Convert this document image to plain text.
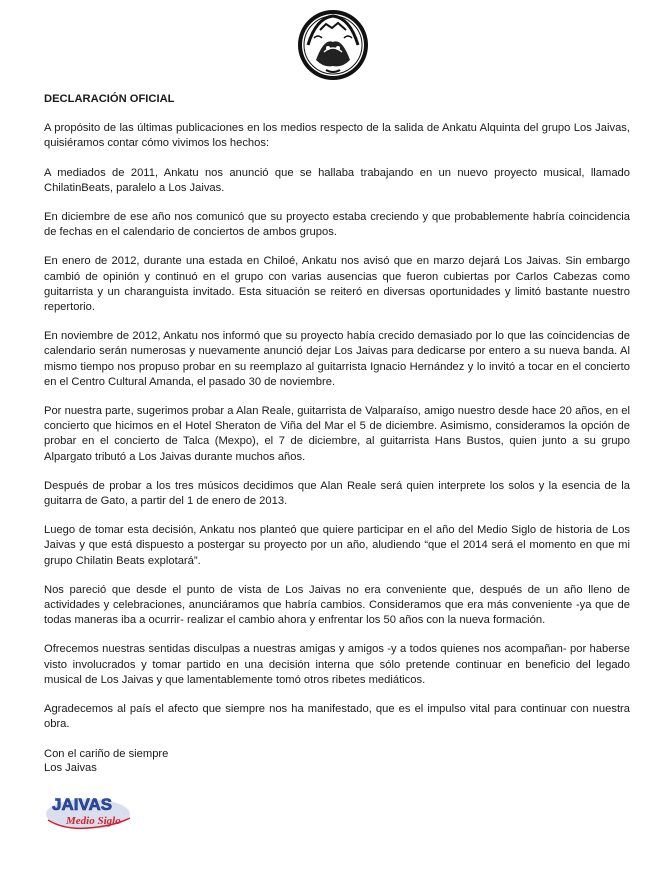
DECLARACIÓN OFICIAL

A propósito de las últimas publicaciones en los medios respecto de la salida de Ankatu Alquinta del grupo Los Jaivas, quisiéramos contar cómo vivimos los hechos:

A mediados de 2011, Ankatu nos anunció que se hallaba trabajando en un nuevo proyecto musical, llamado ChilatinBeats, paralelo a Los Jaivas.

En diciembre de ese año nos comunicó que su proyecto estaba creciendo y que probablemente habría coincidencia de fechas en el calendario de conciertos de ambos grupos.

En enero de 2012, durante una estada en Chiloé, Ankatu nos avisó que en marzo dejará Los Jaivas. Sin embargo cambió de opinión y continuó en el grupo con varias ausencias que fueron cubiertas por Carlos Cabezas como guitarrista y un charanguista invitado. Esta situación se reiteró en diversas oportunidades y limitó bastante nuestro repertorio.

En noviembre de 2012, Ankatu nos informó que su proyecto había crecido demasiado por lo que las coincidencias de calendario serán numerosas y nuevamente anunció dejar Los Jaivas para dedicarse por entero a su nueva banda. Al mismo tiempo nos propuso probar en su reemplazo al guitarrista Ignacio Hernández y lo invitó a tocar en el concierto en el Centro Cultural Amanda, el pasado 30 de noviembre.

Por nuestra parte, sugerimos probar a Alan Reale, guitarrista de Valparaíso, amigo nuestro desde hace 20 años, en el concierto que hicimos en el Hotel Sheraton de Viña del Mar el 5 de diciembre. Asimismo, consideramos la opción de probar en el concierto de Talca (Mexpo), el 7 de diciembre, al guitarrista Hans Bustos, quien junto a su grupo Alpargato tributó a Los Jaivas durante muchos años.

Después de probar a los tres músicos decidimos que Alan Reale será quien interprete los solos y la esencia de la guitarra de Gato, a partir del 1 de enero de 2013.

Luego de tomar esta decisión, Ankatu nos planteó que quiere participar en el año del Medio Siglo de historia de Los Jaivas y que está dispuesto a postergar su proyecto por un año, aludiendo “que el 2014 será el momento en que mi grupo Chilatin Beats explotará”.

Nos pareció que desde el punto de vista de Los Jaivas no era conveniente que, después de un año lleno de actividades y celebraciones, anunciáramos que habría cambios. Consideramos que era más conveniente -ya que de todas maneras iba a ocurrir- realizar el cambio ahora y enfrentar los 50 años con la nueva formación.

Ofrecemos nuestras sentidas disculpas a nuestras amigas y amigos -y a todos quienes nos acompañan- por haberse visto involucrados y tomar partido en una decisión interna que sólo pretende continuar en beneficio del legado musical de Los Jaivas y que lamentablemente tomó otros ribetes mediáticos.

Agradecemos al país el afecto que siempre nos ha manifestado, que es el impulso vital para continuar con nuestra obra.

Con el cariño de siempre

Los Jaivas

JAIVAS
Medio Siglo
